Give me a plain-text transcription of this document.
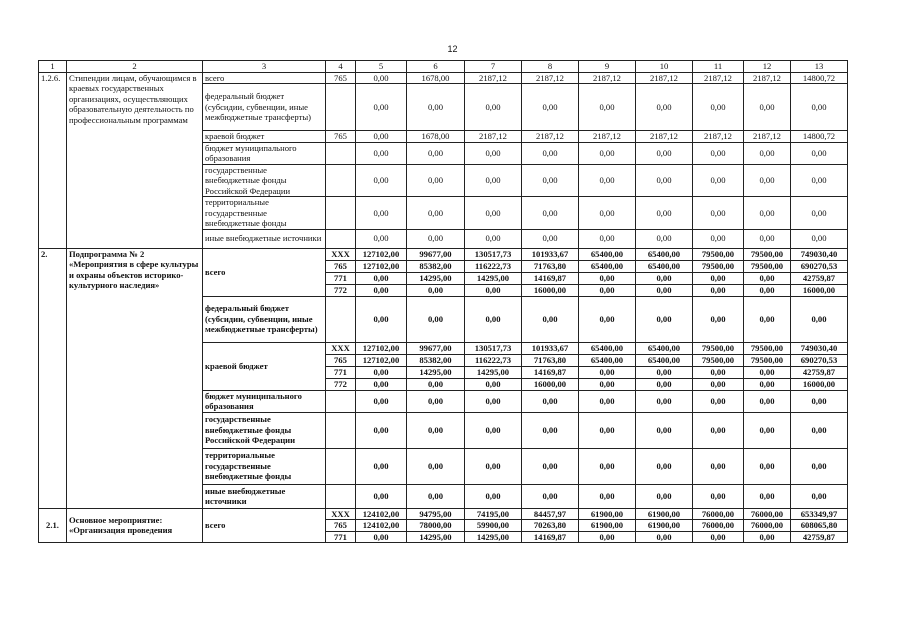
12
1	2	3	4	5	6	7	8	9	10	11	12	13
1.2.6.	Стипендии лицам, обучающимся в краевых государственных организациях, осуществляющих образовательную деятельность по профессиональным программам	всего	765	0,00	1678,00	2187,12	2187,12	2187,12	2187,12	2187,12	2187,12	14800,72
		федеральный бюджет (субсидии, субвенции, иные межбюджетные трансферты)		0,00	0,00	0,00	0,00	0,00	0,00	0,00	0,00	0,00
		краевой бюджет	765	0,00	1678,00	2187,12	2187,12	2187,12	2187,12	2187,12	2187,12	14800,72
		бюджет муниципального образования		0,00	0,00	0,00	0,00	0,00	0,00	0,00	0,00	0,00
		государственные внебюджетные фонды Российской Федерации		0,00	0,00	0,00	0,00	0,00	0,00	0,00	0,00	0,00
		территориальные государственные внебюджетные фонды		0,00	0,00	0,00	0,00	0,00	0,00	0,00	0,00	0,00
		иные внебюджетные источники		0,00	0,00	0,00	0,00	0,00	0,00	0,00	0,00	0,00
2.	Подпрограмма № 2 «Мероприятия в сфере культуры и охраны объектов историко-культурного наследия»	всего	XXX	127102,00	99677,00	130517,73	101933,67	65400,00	65400,00	79500,00	79500,00	749030,40
			765	127102,00	85382,00	116222,73	71763,80	65400,00	65400,00	79500,00	79500,00	690270,53
			771	0,00	14295,00	14295,00	14169,87	0,00	0,00	0,00	0,00	42759,87
			772	0,00	0,00	0,00	16000,00	0,00	0,00	0,00	0,00	16000,00
		федеральный бюджет (субсидии, субвенции, иные межбюджетные трансферты)		0,00	0,00	0,00	0,00	0,00	0,00	0,00	0,00	0,00
		краевой бюджет	XXX	127102,00	99677,00	130517,73	101933,67	65400,00	65400,00	79500,00	79500,00	749030,40
			765	127102,00	85382,00	116222,73	71763,80	65400,00	65400,00	79500,00	79500,00	690270,53
			771	0,00	14295,00	14295,00	14169,87	0,00	0,00	0,00	0,00	42759,87
			772	0,00	0,00	0,00	16000,00	0,00	0,00	0,00	0,00	16000,00
		бюджет муниципального образования		0,00	0,00	0,00	0,00	0,00	0,00	0,00	0,00	0,00
		государственные внебюджетные фонды Российской Федерации		0,00	0,00	0,00	0,00	0,00	0,00	0,00	0,00	0,00
		территориальные государственные внебюджетные фонды		0,00	0,00	0,00	0,00	0,00	0,00	0,00	0,00	0,00
		иные внебюджетные источники		0,00	0,00	0,00	0,00	0,00	0,00	0,00	0,00	0,00
2.1.	Основное мероприятие: «Организация проведения	всего	XXX	124102,00	94795,00	74195,00	84457,97	61900,00	61900,00	76000,00	76000,00	653349,97
			765	124102,00	78000,00	59900,00	70263,80	61900,00	61900,00	76000,00	76000,00	608065,80
			771	0,00	14295,00	14295,00	14169,87	0,00	0,00	0,00	0,00	42759,87
